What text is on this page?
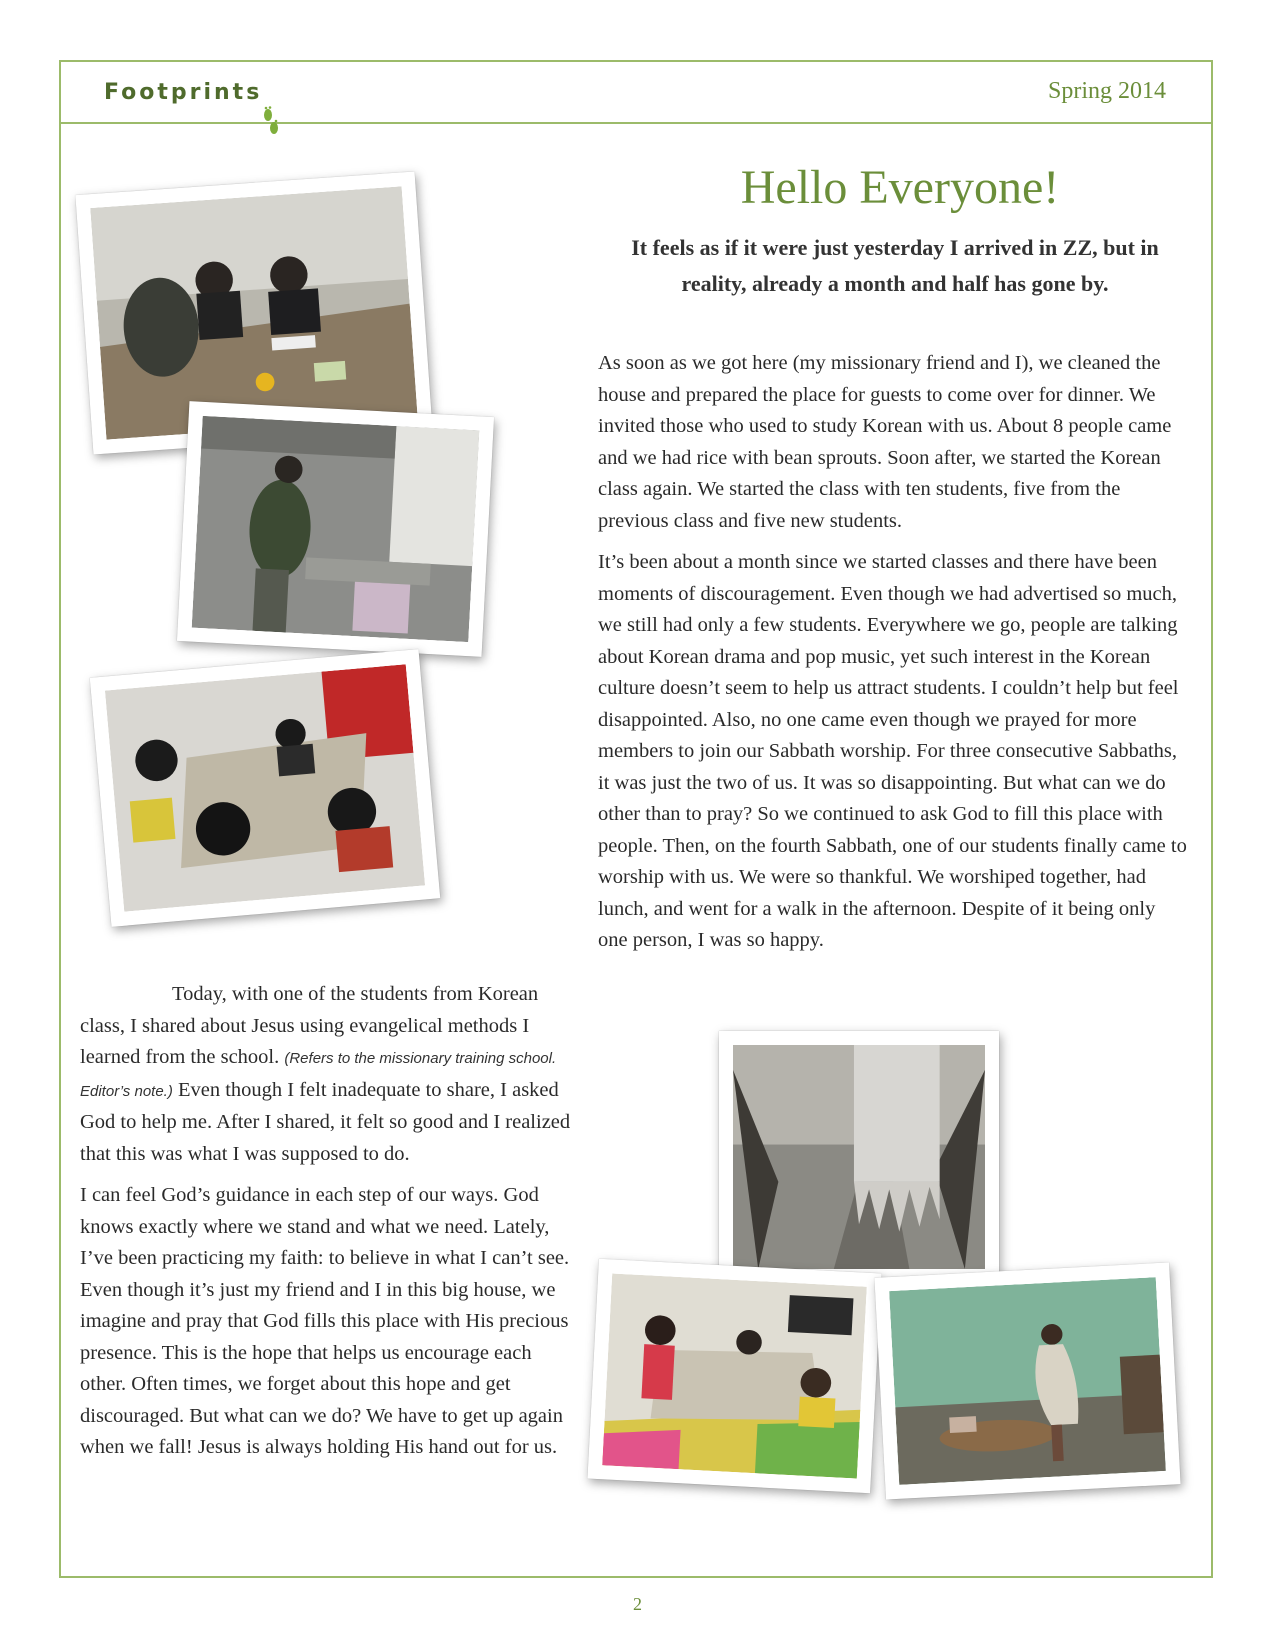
Footprints	Spring 2014
Hello Everyone!
It feels as if it were just yesterday I arrived in ZZ, but in reality, already a month and half has gone by.

As soon as we got here (my missionary friend and I), we cleaned the house and prepared the place for guests to come over for dinner. We invited those who used to study Korean with us. About 8 people came and we had rice with bean sprouts. Soon after, we started the Korean class again. We started the class with ten students, five from the previous class and five new students.

It’s been about a month since we started classes and there have been moments of discouragement. Even though we had advertised so much, we still had only a few students. Everywhere we go, people are talking about Korean drama and pop music, yet such interest in the Korean culture doesn’t seem to help us attract students. I couldn’t help but feel disappointed. Also, no one came even though we prayed for more members to join our Sabbath worship. For three consecutive Sabbaths, it was just the two of us. It was so disappointing. But what can we do other than to pray? So we continued to ask God to fill this place with people. Then, on the fourth Sabbath, one of our students finally came to worship with us. We were so thankful. We worshiped together, had lunch, and went for a walk in the afternoon. Despite of it being only one person, I was so happy.

Today, with one of the students from Korean class, I shared about Jesus using evangelical methods I learned from the school. (Refers to the missionary training school. Editor’s note.) Even though I felt inadequate to share, I asked God to help me. After I shared, it felt so good and I realized that this was what I was supposed to do.

I can feel God’s guidance in each step of our ways. God knows exactly where we stand and what we need. Lately, I’ve been practicing my faith: to believe in what I can’t see. Even though it’s just my friend and I in this big house, we imagine and pray that God fills this place with His precious presence. This is the hope that helps us encourage each other. Often times, we forget about this hope and get discouraged. But what can we do? We have to get up again when we fall! Jesus is always holding His hand out for us.

2
